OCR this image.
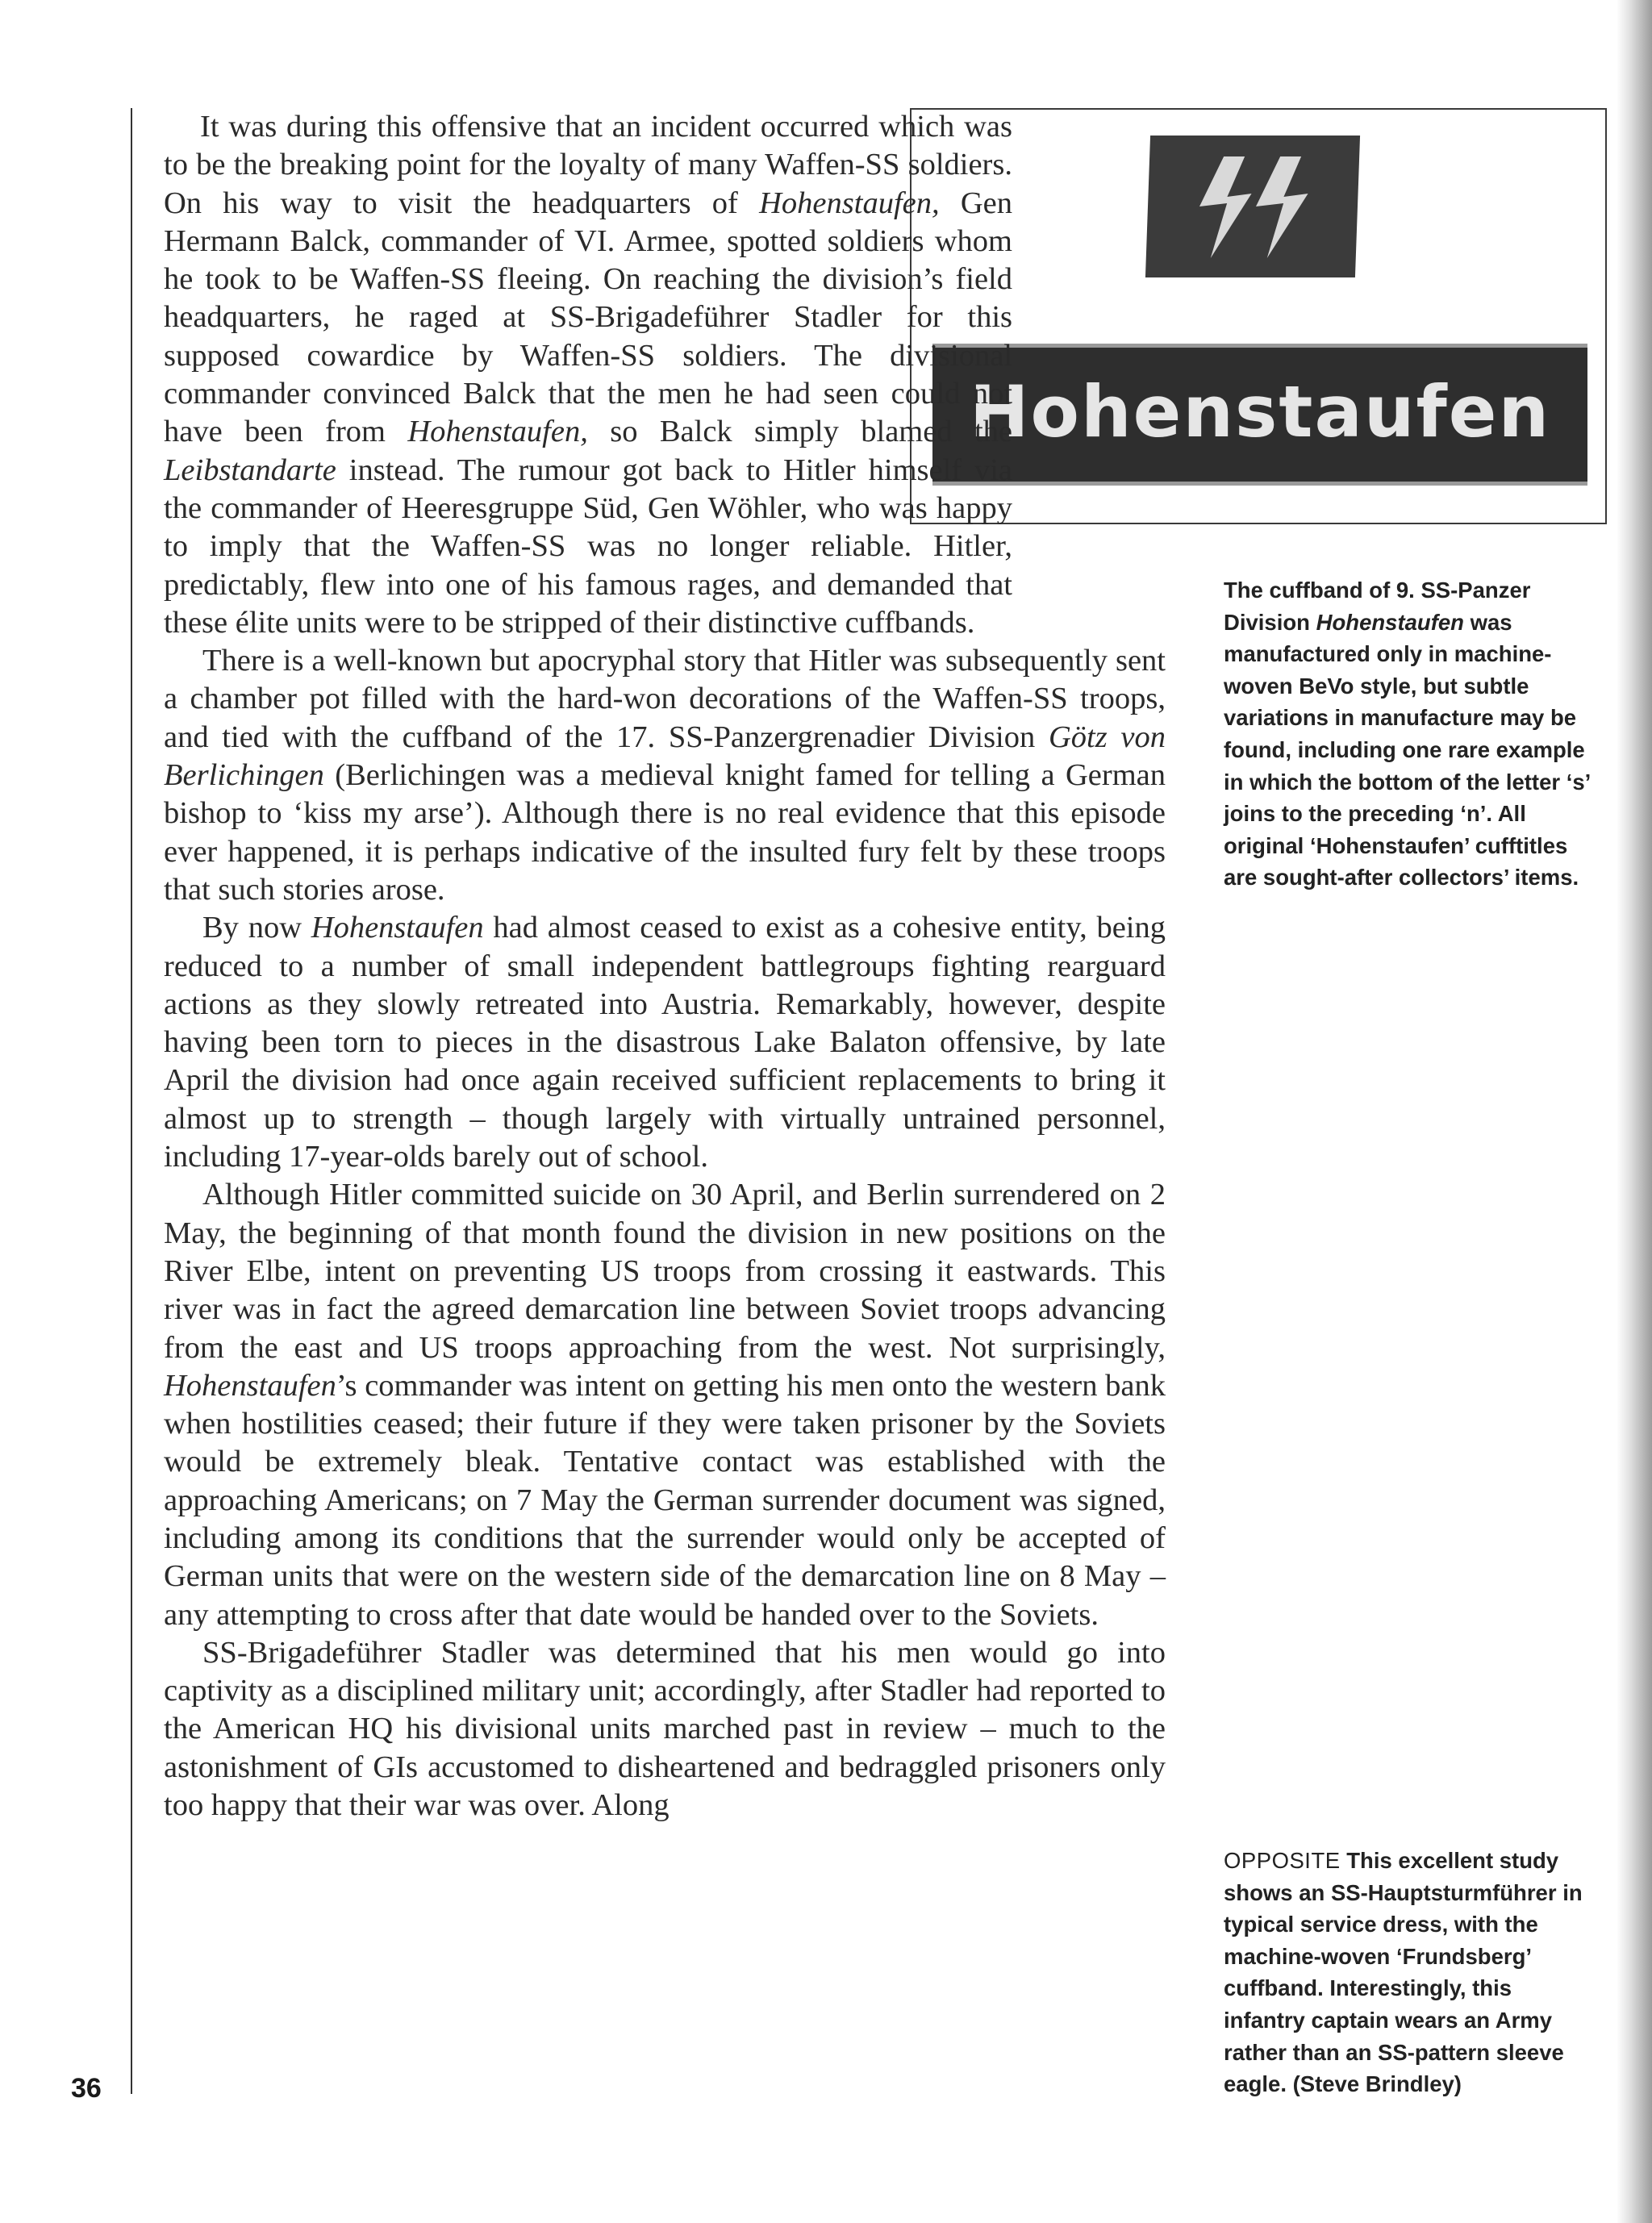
36
Hohenstaufen
The cuffband of 9. SS-Panzer Division Hohenstaufen was manufactured only in machine-woven BeVo style, but subtle variations in manufacture may be found, including one rare example in which the bottom of the letter ‘s’ joins to the preceding ‘n’. All original ‘Hohenstaufen’ cufftitles are sought-after collectors’ items.
OPPOSITE This excellent study shows an SS-Hauptsturmführer in typical service dress, with the machine-woven ‘Frundsberg’ cuffband. Interestingly, this infantry captain wears an Army rather than an SS-pattern sleeve eagle. (Steve Brindley)

It was during this offensive that an incident occurred which was to be the breaking point for the loyalty of many Waffen-SS soldiers. On his way to visit the headquarters of Hohenstaufen, Gen Hermann Balck, commander of VI. Armee, spotted soldiers whom he took to be Waffen-SS fleeing. On reaching the division’s field headquarters, he raged at SS-Brigadeführer Stadler for this supposed cowardice by Waffen-SS soldiers. The divisional commander convinced Balck that the men he had seen could not have been from Hohenstaufen, so Balck simply blamed the Leibstandarte instead. The rumour got back to Hitler himself via the commander of Heeresgruppe Süd, Gen Wöhler, who was happy to imply that the Waffen-SS was no longer reliable. Hitler, predictably, flew into one of his famous rages, and demanded that these élite units were to be stripped of their distinctive cuffbands.

There is a well-known but apocryphal story that Hitler was subsequently sent a chamber pot filled with the hard-won decorations of the Waffen-SS troops, and tied with the cuffband of the 17. SS-Panzergrenadier Division Götz von Berlichingen (Berlichingen was a medieval knight famed for telling a German bishop to ‘kiss my arse’). Although there is no real evidence that this episode ever happened, it is perhaps indicative of the insulted fury felt by these troops that such stories arose.

By now Hohenstaufen had almost ceased to exist as a cohesive entity, being reduced to a number of small independent battlegroups fighting rearguard actions as they slowly retreated into Austria. Remarkably, however, despite having been torn to pieces in the disastrous Lake Balaton offensive, by late April the division had once again received sufficient replacements to bring it almost up to strength – though largely with virtually untrained personnel, including 17-year-olds barely out of school.

Although Hitler committed suicide on 30 April, and Berlin surrendered on 2 May, the beginning of that month found the division in new positions on the River Elbe, intent on preventing US troops from crossing it eastwards. This river was in fact the agreed demarcation line between Soviet troops advancing from the east and US troops approaching from the west. Not surprisingly, Hohenstaufen’s commander was intent on getting his men onto the western bank when hostilities ceased; their future if they were taken prisoner by the Soviets would be extremely bleak. Tentative contact was established with the approaching Americans; on 7 May the German surrender document was signed, including among its conditions that the surrender would only be accepted of German units that were on the western side of the demarcation line on 8 May – any attempting to cross after that date would be handed over to the Soviets.

SS-Brigadeführer Stadler was determined that his men would go into captivity as a disciplined military unit; accordingly, after Stadler had reported to the American HQ his divisional units marched past in review – much to the astonishment of GIs accustomed to disheartened and bedraggled prisoners only too happy that their war was over. Along
